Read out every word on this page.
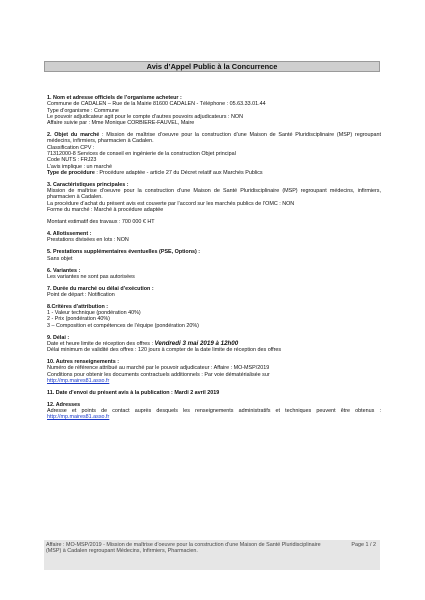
Avis d’Appel Public à la Concurrence
1. Nom et adresse officiels de l’organisme acheteur :
Commune de CADALEN – Rue de la Mairie 81600 CADALEN - Téléphone : 05.63.33.01.44
Type d’organisme : Commune
Le pouvoir adjudicateur agit pour le compte d’autres pouvoirs adjudicateurs : NON
Affaire suivie par : Mme Monique CORBIERE-FAUVEL, Maire
2. Objet du marché : Mission de maîtrise d’oeuvre pour la construction d’une Maison de Santé Pluridisciplinaire (MSP) regroupant médecins, infirmiers, pharmacien à Cadalen.
Classification CPV :
71312000-8 Services de conseil en ingénierie de la construction Objet principal
Code NUTS : FRJ23
L’avis implique : un marché
Type de procédure : Procédure adaptée - article 27 du Décret relatif aux Marchés Publics
3. Caractéristiques principales :
Mission de maîtrise d’oeuvre pour la construction d’une Maison de Santé Pluridisciplinaire (MSP) regroupant médecins, infirmiers, pharmacien à Cadalen.
La procédure d’achat du présent avis est couverte par l’accord sur les marchés publics de l’OMC : NON
Forme du marché : Marché à procédure adaptée
Montant estimatif des travaux : 700 000 € HT
4. Allotissement :
Prestations divisées en lots : NON
5. Prestations supplémentaires éventuelles (PSE, Options) :
Sans objet
6. Variantes :
Les variantes ne sont pas autorisées
7. Durée du marché ou délai d’exécution :
Point de départ : Notification
8.Critères d’attribution :
1 - Valeur technique (pondération 40%)
2 - Prix (pondération 40%)
3 – Composition et compétences de l’équipe (pondération 20%)
9. Délai :
Date et heure limite de réception des offres : Vendredi 3 mai 2019 à 12h00
Délai minimum de validité des offres : 120 jours à compter de la date limite de réception des offres
10. Autres renseignements :
Numéro de référence attribué au marché par le pouvoir adjudicateur : Affaire : MO-MSP/2019
Conditions pour obtenir les documents contractuels additionnels : Par voie dématérialisée sur
http://mp.maires81.asso.fr
11. Date d’envoi du présent avis à la publication : Mardi 2 avril 2019
12. Adresses
Adresse et points de contact auprès desquels les renseignements administratifs et techniques peuvent être obtenus : http://mp.maires81.asso.fr
Affaire : MO-MSP/2019 - Mission de maîtrise d’oeuvre pour la construction d’une Maison de Santé Pluridisciplinaire (MSP) à Cadalen regroupant Médecins, Infirmiers, Pharmacien.
Page 1 / 2
